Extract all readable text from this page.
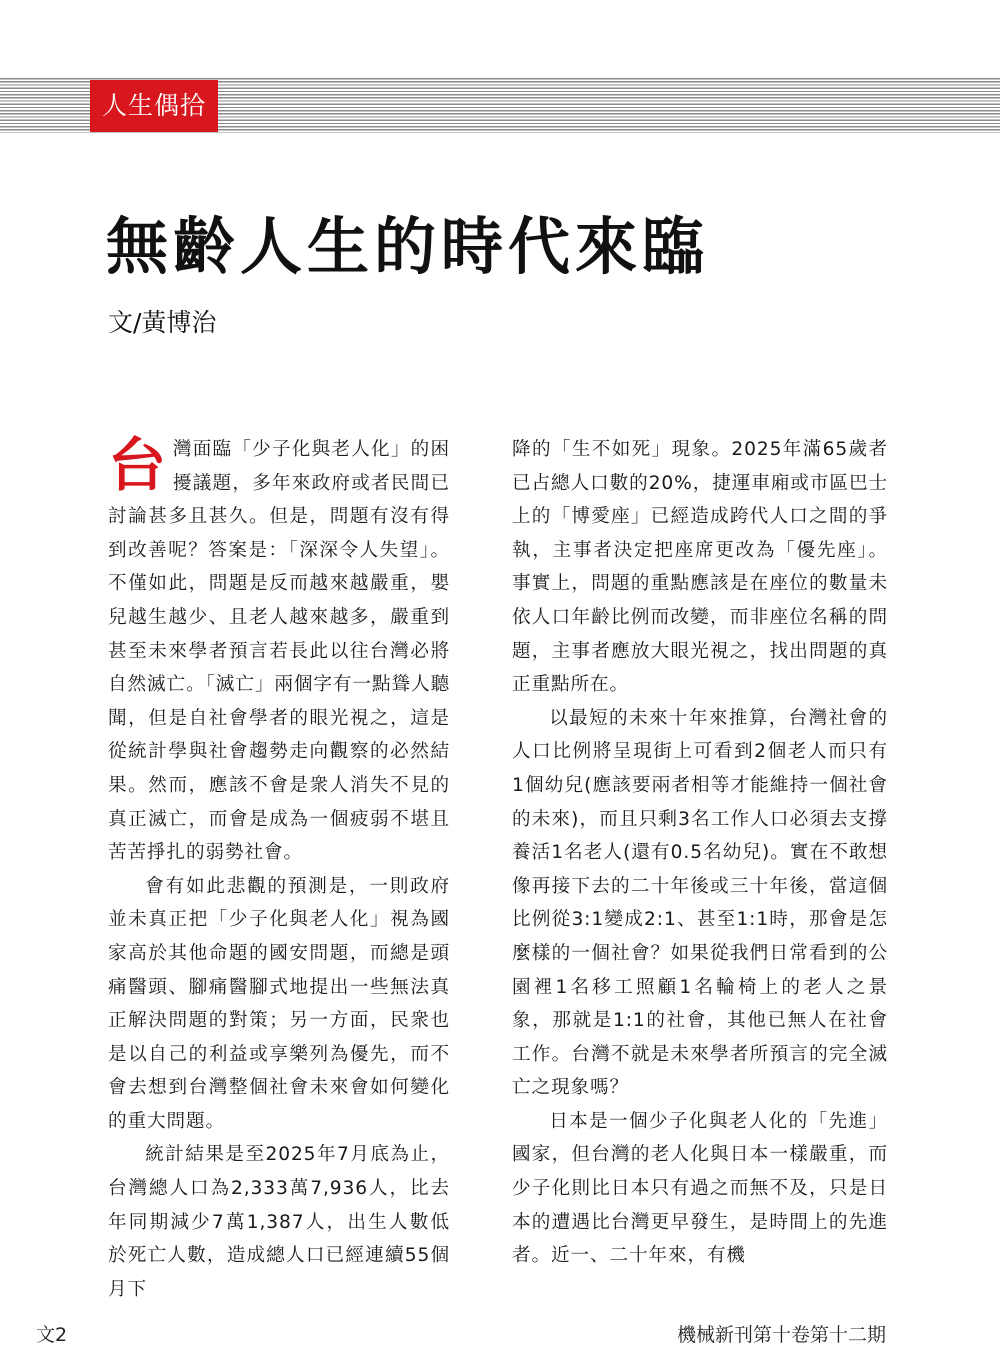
人生偶拾
無齡人生的時代來臨
文/黃博治

台灣面臨「少子化與老人化」的困擾議題，多年來政府或者民間已討論甚多且甚久。但是，問題有沒有得到改善呢？答案是：「深深令人失望」。不僅如此，問題是反而越來越嚴重，嬰兒越生越少、且老人越來越多，嚴重到甚至未來學者預言若長此以往台灣必將自然滅亡。「滅亡」兩個字有一點聳人聽聞，但是自社會學者的眼光視之，這是從統計學與社會趨勢走向觀察的必然結果。然而，應該不會是衆人消失不見的真正滅亡，而會是成為一個疲弱不堪且苦苦掙扎的弱勢社會。

會有如此悲觀的預測是，一則政府並未真正把「少子化與老人化」視為國家高於其他命題的國安問題，而總是頭痛醫頭、腳痛醫腳式地提出一些無法真正解決問題的對策；另一方面，民衆也是以自己的利益或享樂列為優先，而不會去想到台灣整個社會未來會如何變化的重大問題。

統計結果是至2025年7月底為止，台灣總人口為2,333萬7,936人，比去年同期減少7萬1,387人，出生人數低於死亡人數，造成總人口已經連續55個月下

降的「生不如死」現象。2025年滿65歲者已占總人口數的20%，捷運車廂或市區巴士上的「博愛座」已經造成跨代人口之間的爭執，主事者決定把座席更改為「優先座」。事實上，問題的重點應該是在座位的數量未依人口年齡比例而改變，而非座位名稱的問題，主事者應放大眼光視之，找出問題的真正重點所在。

以最短的未來十年來推算，台灣社會的人口比例將呈現街上可看到2個老人而只有1個幼兒(應該要兩者相等才能維持一個社會的未來)，而且只剩3名工作人口必須去支撐養活1名老人(還有0.5名幼兒)。實在不敢想像再接下去的二十年後或三十年後，當這個比例從3:1變成2:1、甚至1:1時，那會是怎麼樣的一個社會？如果從我們日常看到的公園裡1名移工照顧1名輪椅上的老人之景象，那就是1:1的社會，其他已無人在社會工作。台灣不就是未來學者所預言的完全滅亡之現象嗎？

日本是一個少子化與老人化的「先進」國家，但台灣的老人化與日本一樣嚴重，而少子化則比日本只有過之而無不及，只是日本的遭遇比台灣更早發生，是時間上的先進者。近一、二十年來，有機

文2	機械新刊第十卷第十二期
